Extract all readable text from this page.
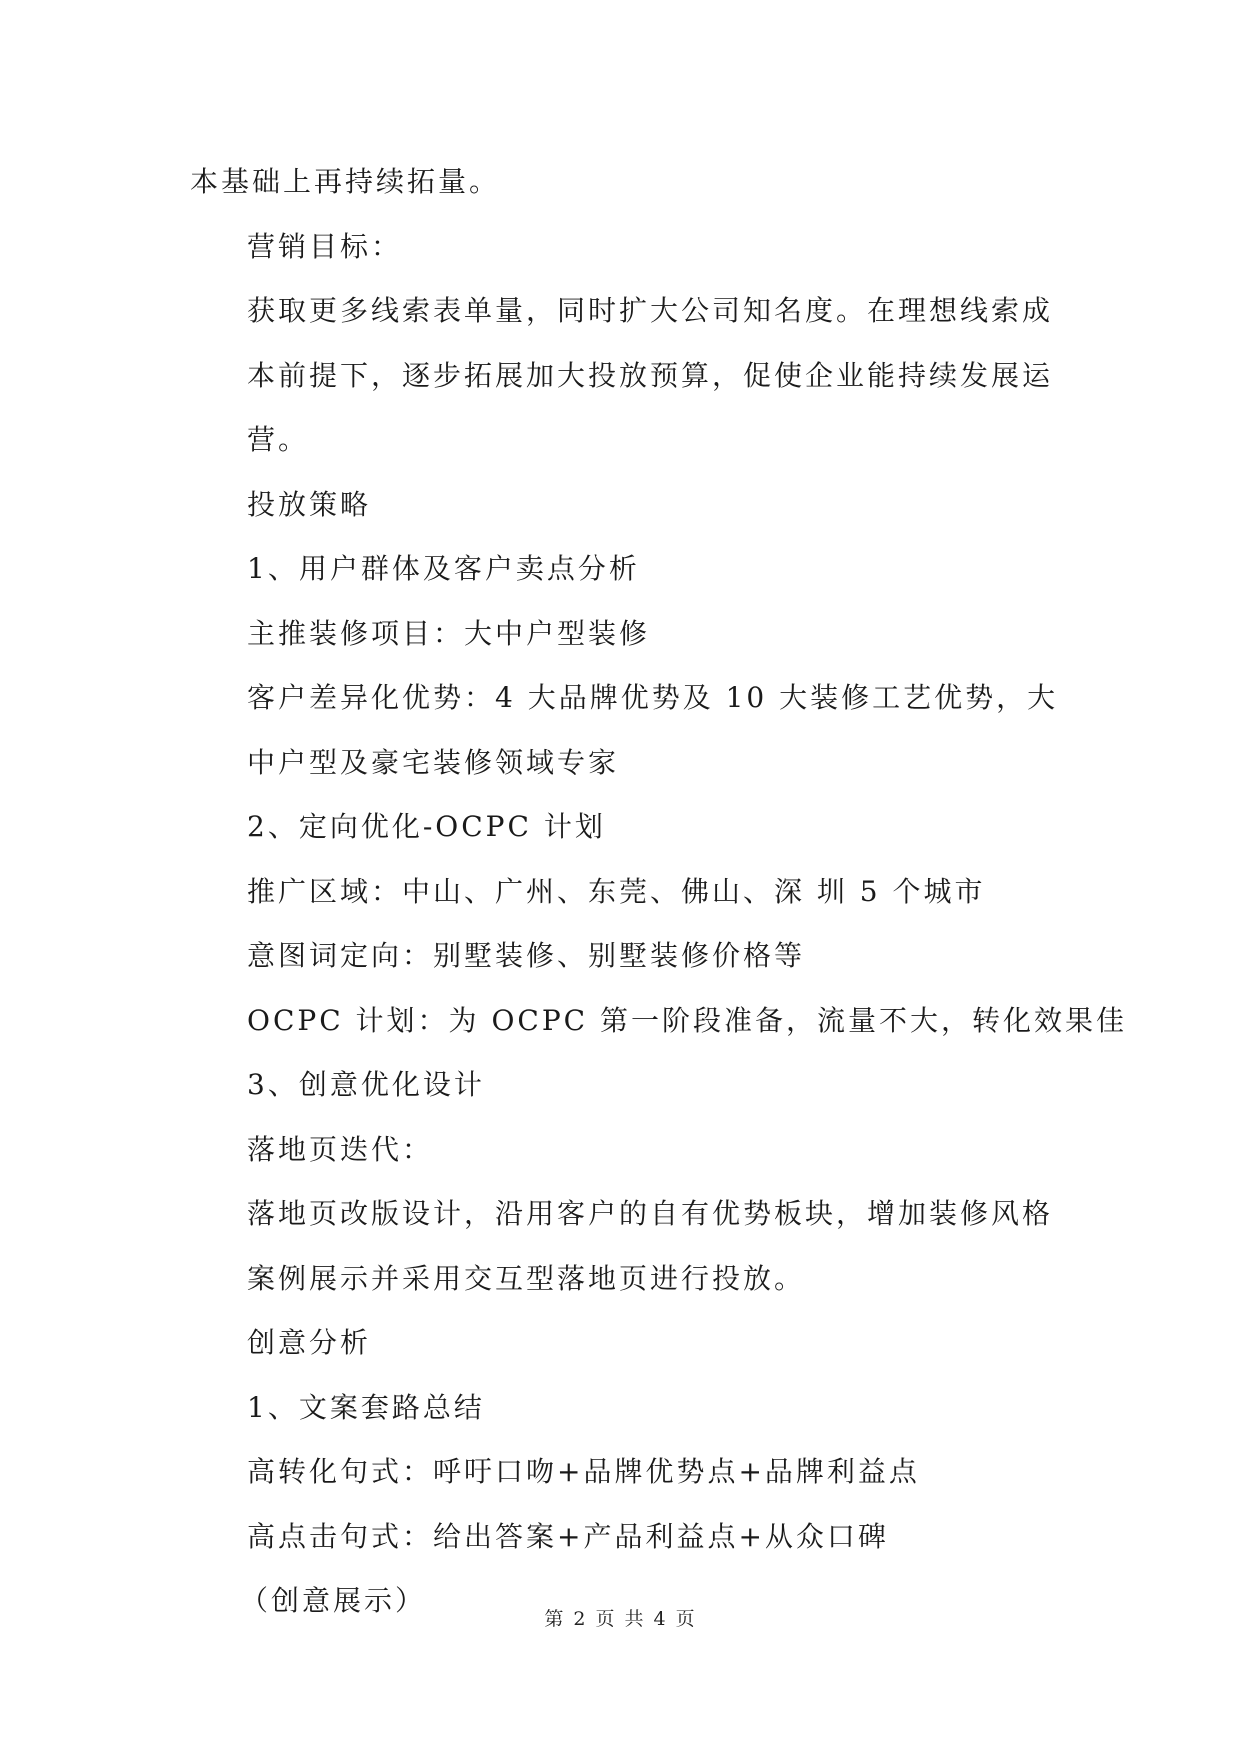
本基础上再持续拓量。

营销目标：

获取更多线索表单量，同时扩大公司知名度。在理想线索成本前提下，逐步拓展加大投放预算，促使企业能持续发展运营。

投放策略

1、用户群体及客户卖点分析

主推装修项目：大中户型装修

客户差异化优势：4 大品牌优势及 10 大装修工艺优势，大中户型及豪宅装修领域专家

2、定向优化-OCPC 计划

推广区域：中山、广州、东莞、佛山、深 圳 5 个城市

意图词定向：别墅装修、别墅装修价格等

OCPC 计划：为 OCPC 第一阶段准备，流量不大，转化效果佳

3、创意优化设计

落地页迭代：

落地页改版设计，沿用客户的自有优势板块，增加装修风格案例展示并采用交互型落地页进行投放。

创意分析

1、文案套路总结

高转化句式：呼吁口吻+品牌优势点+品牌利益点

高点击句式：给出答案+产品利益点+从众口碑

（创意展示）

第 2 页 共 4 页
